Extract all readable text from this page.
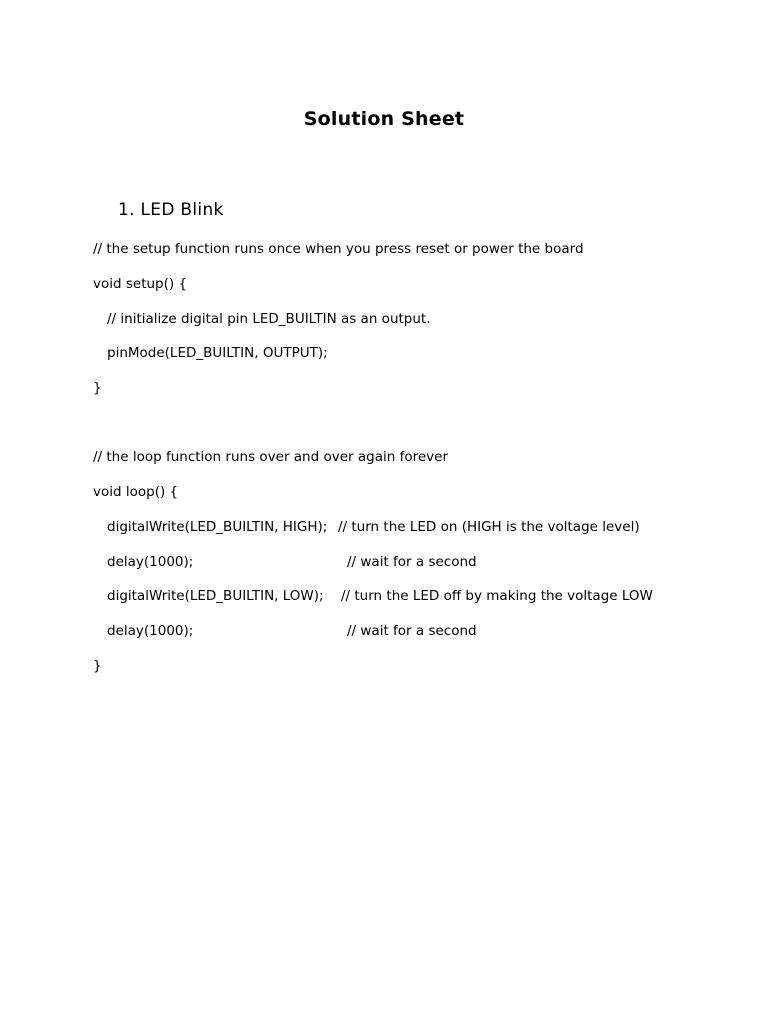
Solution Sheet
1. LED Blink
// the setup function runs once when you press reset or power the board
void setup() {
// initialize digital pin LED_BUILTIN as an output.
pinMode(LED_BUILTIN, OUTPUT);
}
// the loop function runs over and over again forever
void loop() {
digitalWrite(LED_BUILTIN, HIGH); // turn the LED on (HIGH is the voltage level)
delay(1000);	// wait for a second
digitalWrite(LED_BUILTIN, LOW); // turn the LED off by making the voltage LOW
delay(1000);	// wait for a second
}
